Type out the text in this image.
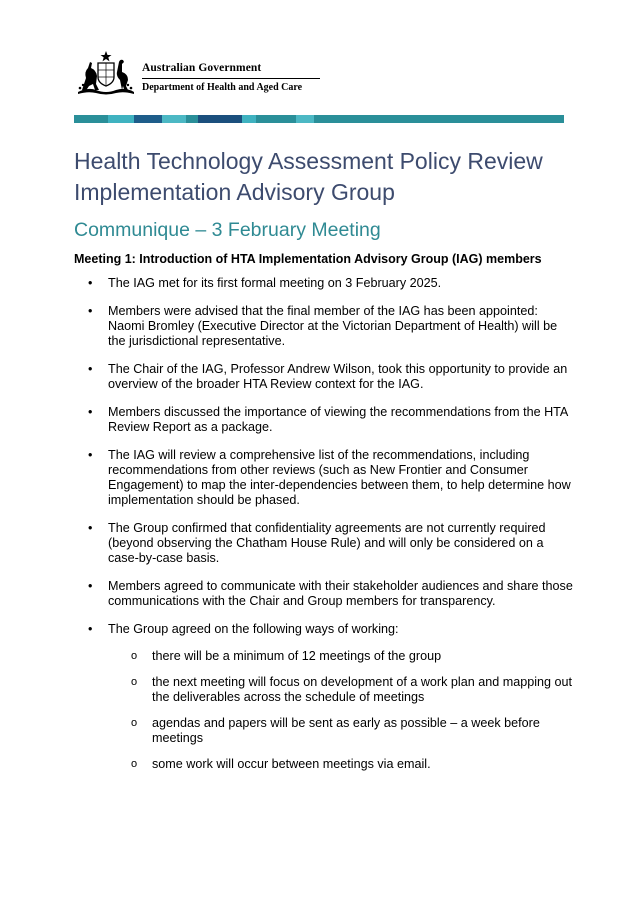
Australian Government
Department of Health and Aged Care
Health Technology Assessment Policy Review Implementation Advisory Group
Communique – 3 February Meeting
Meeting 1: Introduction of HTA Implementation Advisory Group (IAG) members
• The IAG met for its first formal meeting on 3 February 2025.
• Members were advised that the final member of the IAG has been appointed: Naomi Bromley (Executive Director at the Victorian Department of Health) will be the jurisdictional representative.
• The Chair of the IAG, Professor Andrew Wilson, took this opportunity to provide an overview of the broader HTA Review context for the IAG.
• Members discussed the importance of viewing the recommendations from the HTA Review Report as a package.
• The IAG will review a comprehensive list of the recommendations, including recommendations from other reviews (such as New Frontier and Consumer Engagement) to map the inter-dependencies between them, to help determine how implementation should be phased.
• The Group confirmed that confidentiality agreements are not currently required (beyond observing the Chatham House Rule) and will only be considered on a case-by-case basis.
• Members agreed to communicate with their stakeholder audiences and share those communications with the Chair and Group members for transparency.
• The Group agreed on the following ways of working:
o there will be a minimum of 12 meetings of the group
o the next meeting will focus on development of a work plan and mapping out the deliverables across the schedule of meetings
o agendas and papers will be sent as early as possible – a week before meetings
o some work will occur between meetings via email.
